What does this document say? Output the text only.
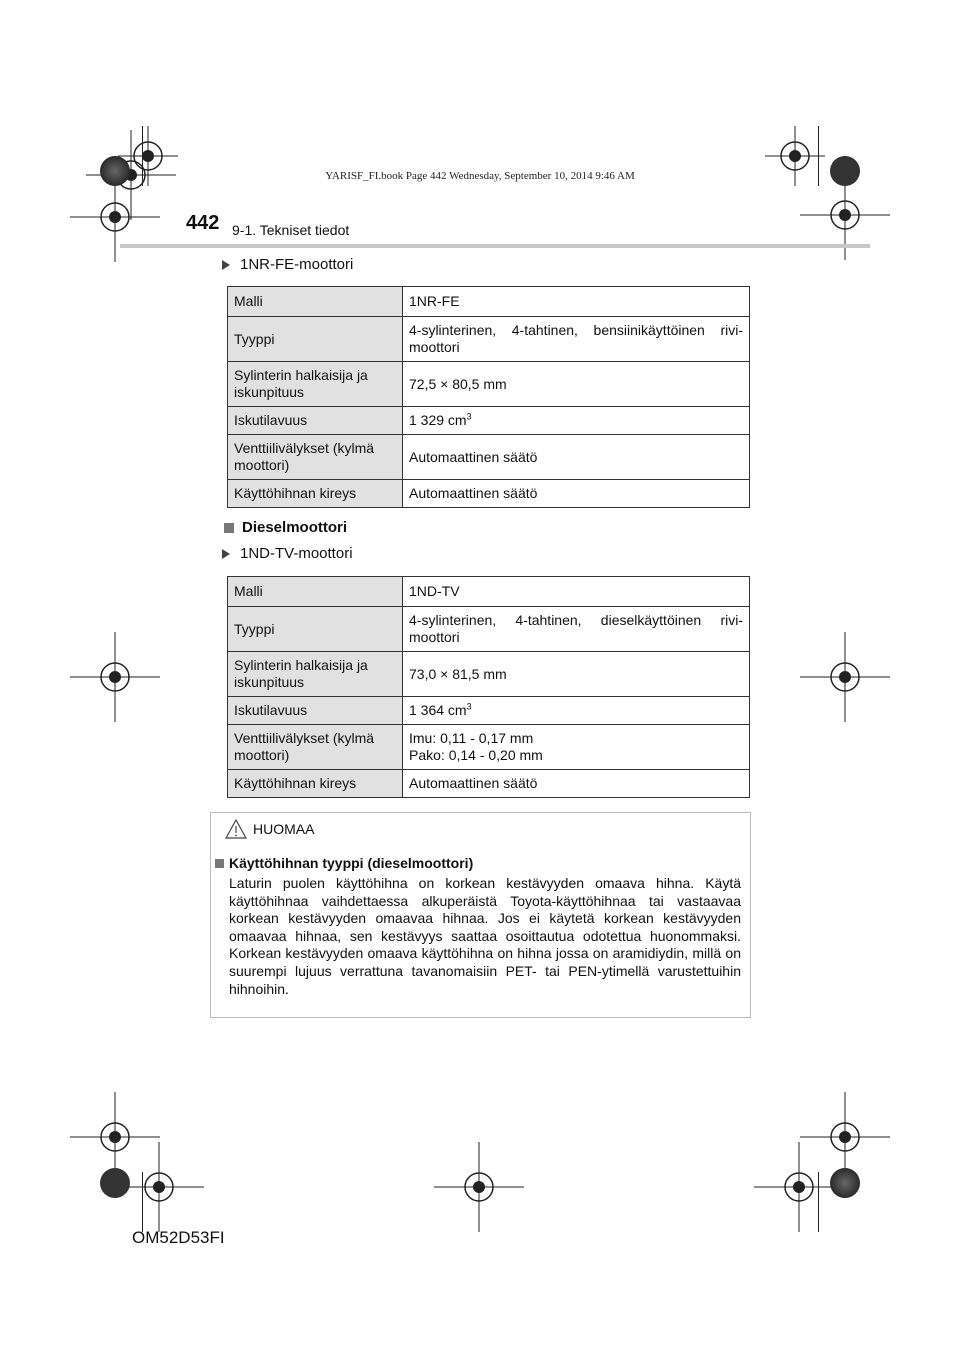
YARISF_FI.book Page 442 Wednesday, September 10, 2014 9:46 AM
442 9-1. Tekniset tiedot
1NR-FE-moottori
Malli	1NR-FE
Tyyppi	4-sylinterinen, 4-tahtinen, bensiinikäyttöinen rivi-moottori
Sylinterin halkaisija ja iskunpituus	72,5 × 80,5 mm
Iskutilavuus	1 329 $cm^3$
Venttiilivälykset (kylmä moottori)	Automaattinen säätö
Käyttöhihnan kireys	Automaattinen säätö
Dieselmoottori
1ND-TV-moottori
Malli	1ND-TV
Tyyppi	4-sylinterinen, 4-tahtinen, dieselkäyttöinen rivi-moottori
Sylinterin halkaisija ja iskunpituus	73,0 × 81,5 mm
Iskutilavuus	1 364 $cm^3$
Venttiilivälykset (kylmä moottori)	Imu: 0,11 - 0,17 mm
Pako: 0,14 - 0,20 mm

Käyttöhihnan kireys	Automaattinen säätö
HUOMAA
Käyttöhihnan tyyppi (dieselmoottori)
Laturin puolen käyttöhihna on korkean kestävyyden omaava hihna. Käytä käyttöhihnaa vaihdettaessa alkuperäistä Toyota-käyttöhihnaa tai vastaavaa korkean kestävyyden omaavaa hihnaa. Jos ei käytetä korkean kestävyyden omaavaa hihnaa, sen kestävyys saattaa osoittautua odotettua huonommaksi. Korkean kestävyyden omaava käyttöhihna on hihna jossa on aramidiydin, millä on suurempi lujuus verrattuna tavanomaisiin PET- tai PEN-ytimellä varustettuihin hihnoihin.
OM52D53FI
